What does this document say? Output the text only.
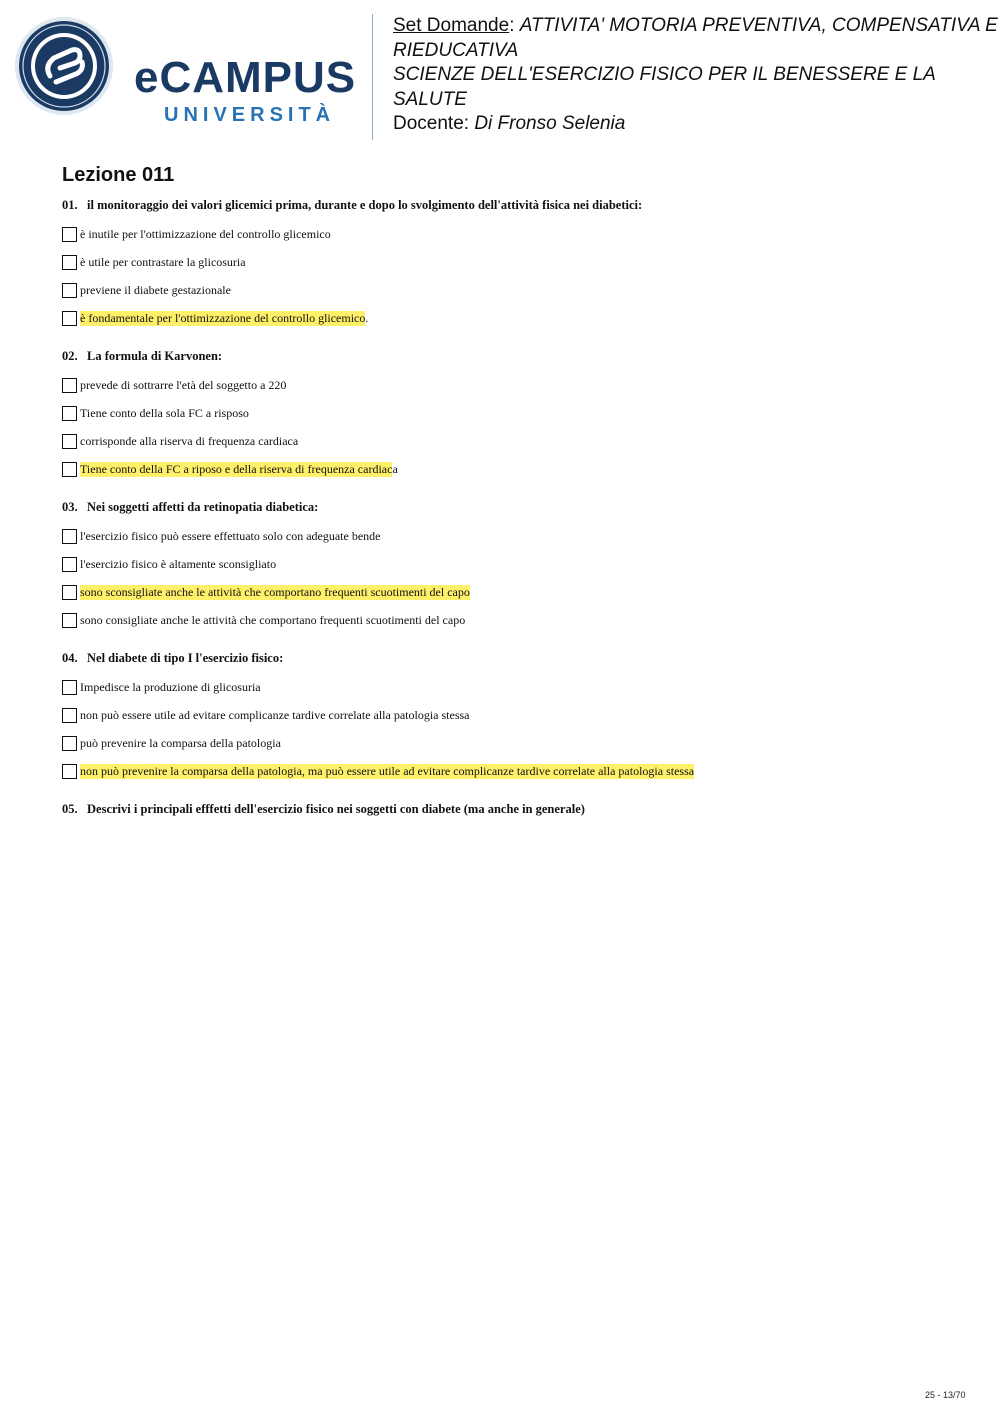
eCAMPUS
UNIVERSITÀ
Set Domande: ATTIVITA' MOTORIA PREVENTIVA, COMPENSATIVA E RIEDUCATIVA
SCIENZE DELL'ESERCIZIO FISICO PER IL BENESSERE E LA SALUTE
Docente: Di Fronso Selenia
Lezione 011
01. il monitoraggio dei valori glicemici prima, durante e dopo lo svolgimento dell'attività fisica nei diabetici:
è inutile per l'ottimizzazione del controllo glicemico
è utile per contrastare la glicosuria
previene il diabete gestazionale
è fondamentale per l'ottimizzazione del controllo glicemico .
02. La formula di Karvonen:
prevede di sottrarre l'età del soggetto a 220
Tiene conto della sola FC a risposo
corrisponde alla riserva di frequenza cardiaca
Tiene conto della FC a riposo e della riserva di frequenza cardiac a
03. Nei soggetti affetti da retinopatia diabetica:
l'esercizio fisico può essere effettuato solo con adeguate bende
l'esercizio fisico è altamente sconsigliato
sono sconsigliate anche le attività che comportano frequenti scuotimenti del capo
sono consigliate anche le attività che comportano frequenti scuotimenti del capo
04. Nel diabete di tipo I l'esercizio fisico:
Impedisce la produzione di glicosuria
non può essere utile ad evitare complicanze tardive correlate alla patologia stessa
può prevenire la comparsa della patologia
non può prevenire la comparsa della patologia, ma può essere utile ad evitare complicanze tardive correlate alla patologia stessa
05. Descrivi i principali efffetti dell'esercizio fisico nei soggetti con diabete (ma anche in generale)
25 - 13/70
